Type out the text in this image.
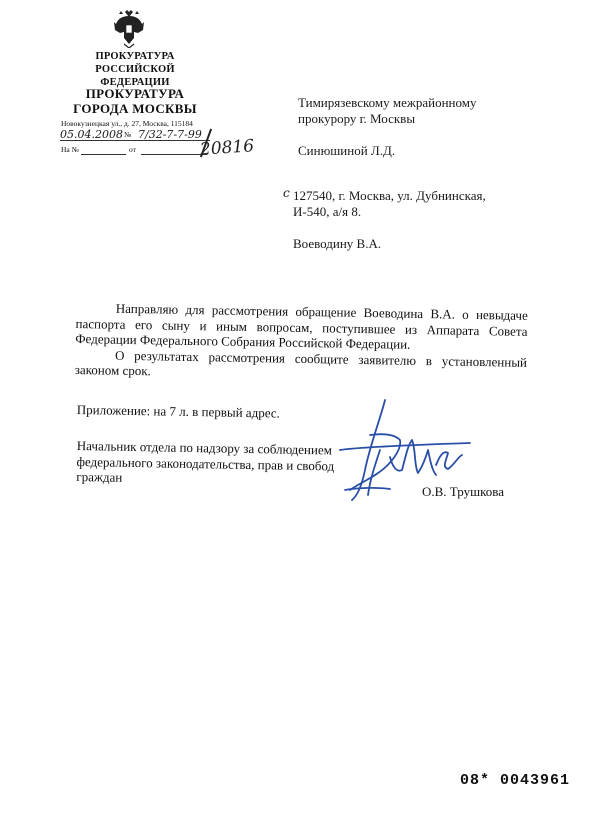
ПРОКУРАТУРА
РОССИЙСКОЙ ФЕДЕРАЦИИ
ПРОКУРАТУРА
ГОРОДА МОСКВЫ
Новокузнецкая ул., д. 27, Москва, 115184
05.04.2008 № 7/32-7-7-99
На №	от	20816
Тимирязевскому межрайонному
прокурору г. Москвы
Синюшиной Л.Д.
с 127540, г. Москва, ул. Дубнинская,
И-540, а/я 8.
Воеводину В.А.

Направляю для рассмотрения обращение Воеводина В.А. о невыдаче паспорта его сыну и иным вопросам, поступившее из Аппарата Совета Федерации Федерального Собрания Российской Федерации.

О результатах рассмотрения сообщите заявителю в установленный законом срок.

Приложение: на 7 л. в первый адрес.
Начальник отдела по надзору за соблюдением
федерального законодательства, прав и свобод
граждан
О.В. Трушкова
08* 0043961
